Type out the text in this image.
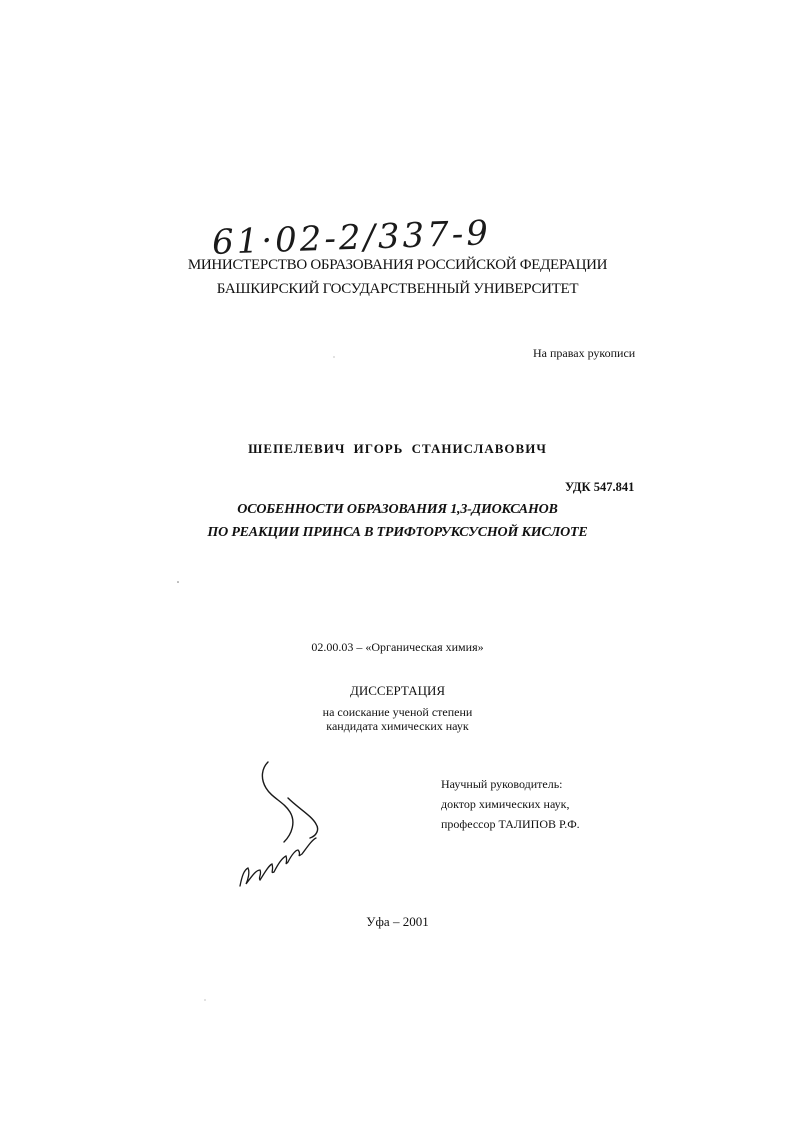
61·02-2/337-9
МИНИСТЕРСТВО ОБРАЗОВАНИЯ РОССИЙСКОЙ ФЕДЕРАЦИИ
БАШКИРСКИЙ ГОСУДАРСТВЕННЫЙ УНИВЕРСИТЕТ
На правах рукописи
ШЕПЕЛЕВИЧ ИГОРЬ СТАНИСЛАВОВИЧ
УДК 547.841
ОСОБЕННОСТИ ОБРАЗОВАНИЯ 1,3-ДИОКСАНОВ
ПО РЕАКЦИИ ПРИНСА В ТРИФТОРУКСУСНОЙ КИСЛОТЕ
02.00.03 – «Органическая химия»
ДИССЕРТАЦИЯ
на соискание ученой степени
кандидата химических наук
Научный руководитель:
доктор химических наук,
профессор ТАЛИПОВ Р.Ф.
Уфа – 2001
